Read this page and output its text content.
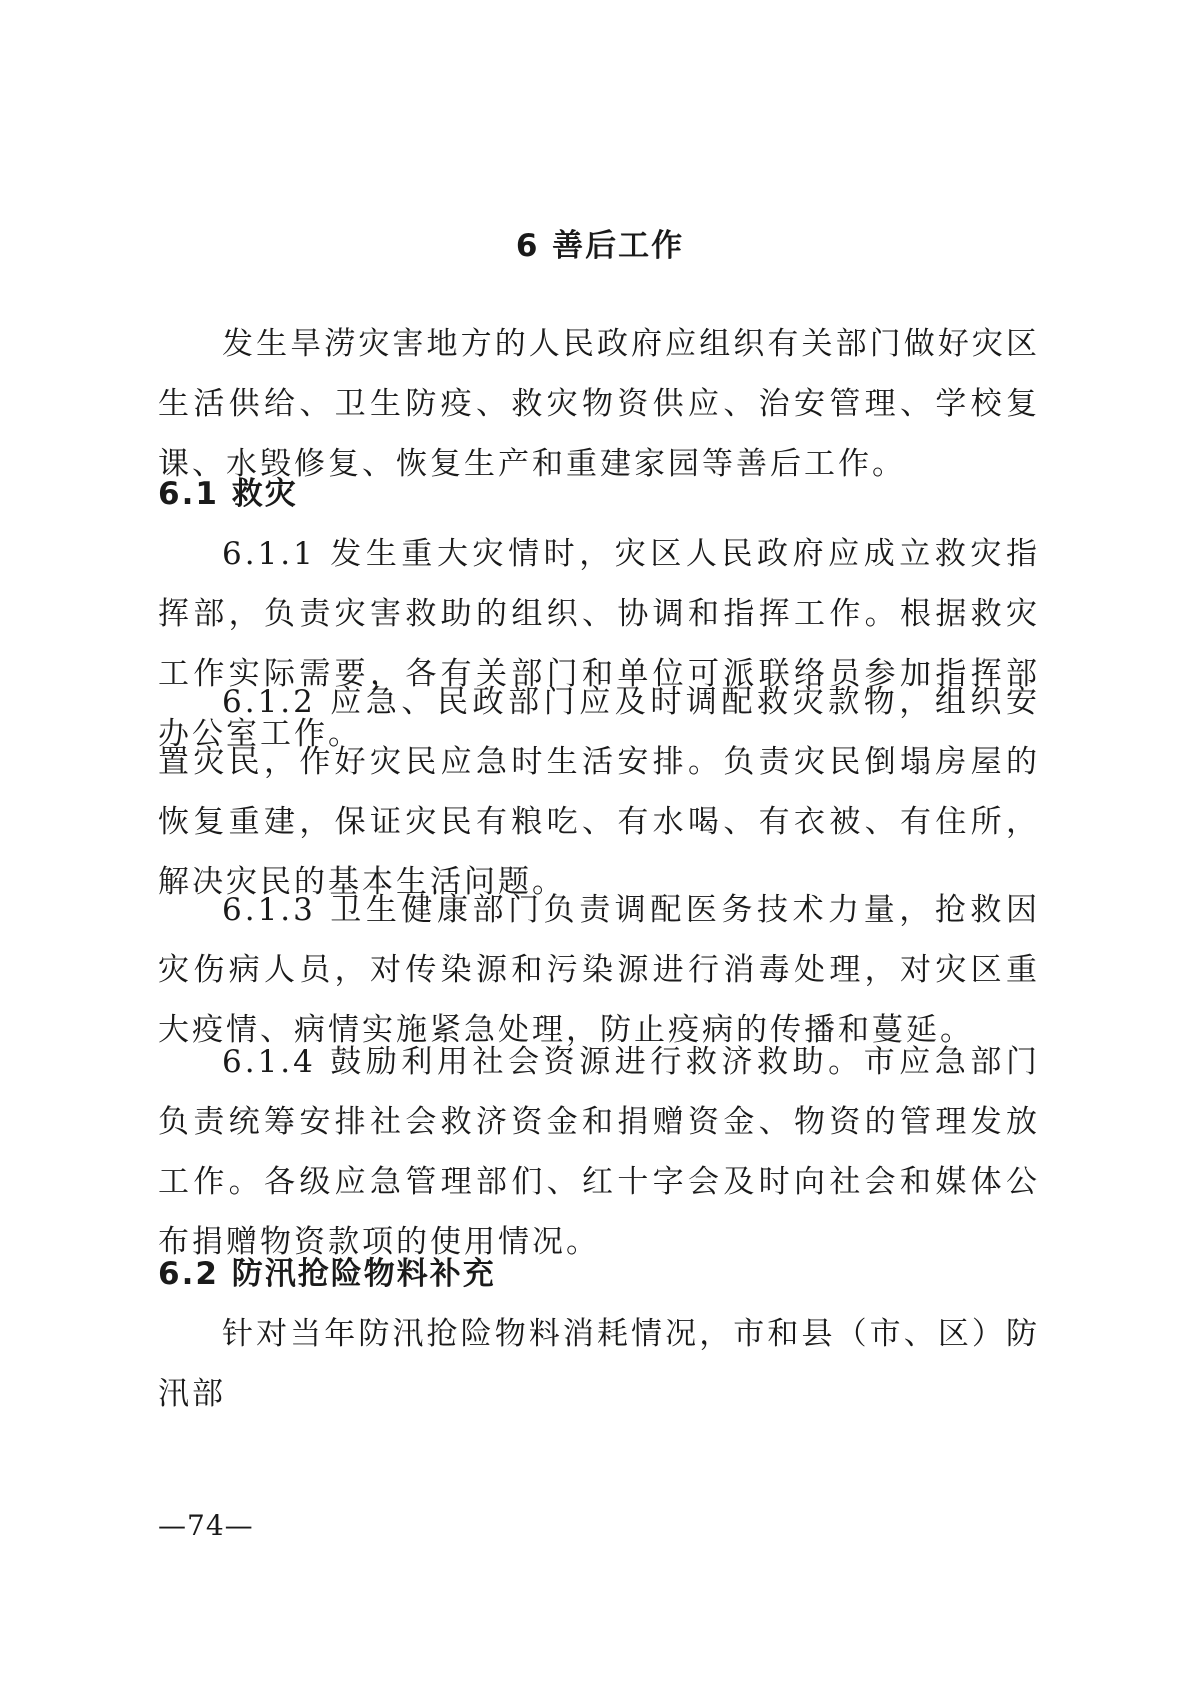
6 善后工作

发生旱涝灾害地方的人民政府应组织有关部门做好灾区生活供给、卫生防疫、救灾物资供应、治安管理、学校复课、水毁修复、恢复生产和重建家园等善后工作。

6.1 救灾

6.1.1 发生重大灾情时，灾区人民政府应成立救灾指挥部，负责灾害救助的组织、协调和指挥工作。根据救灾工作实际需要，各有关部门和单位可派联络员参加指挥部办公室工作。

6.1.2 应急、民政部门应及时调配救灾款物，组织安置灾民，作好灾民应急时生活安排。负责灾民倒塌房屋的恢复重建，保证灾民有粮吃、有水喝、有衣被、有住所，解决灾民的基本生活问题。

6.1.3 卫生健康部门负责调配医务技术力量，抢救因灾伤病人员，对传染源和污染源进行消毒处理，对灾区重大疫情、病情实施紧急处理，防止疫病的传播和蔓延。

6.1.4 鼓励利用社会资源进行救济救助。市应急部门负责统筹安排社会救济资金和捐赠资金、物资的管理发放工作。各级应急管理部们、红十字会及时向社会和媒体公布捐赠物资款项的使用情况。

6.2 防汛抢险物料补充

针对当年防汛抢险物料消耗情况，市和县（市、区）防汛部

—74—
